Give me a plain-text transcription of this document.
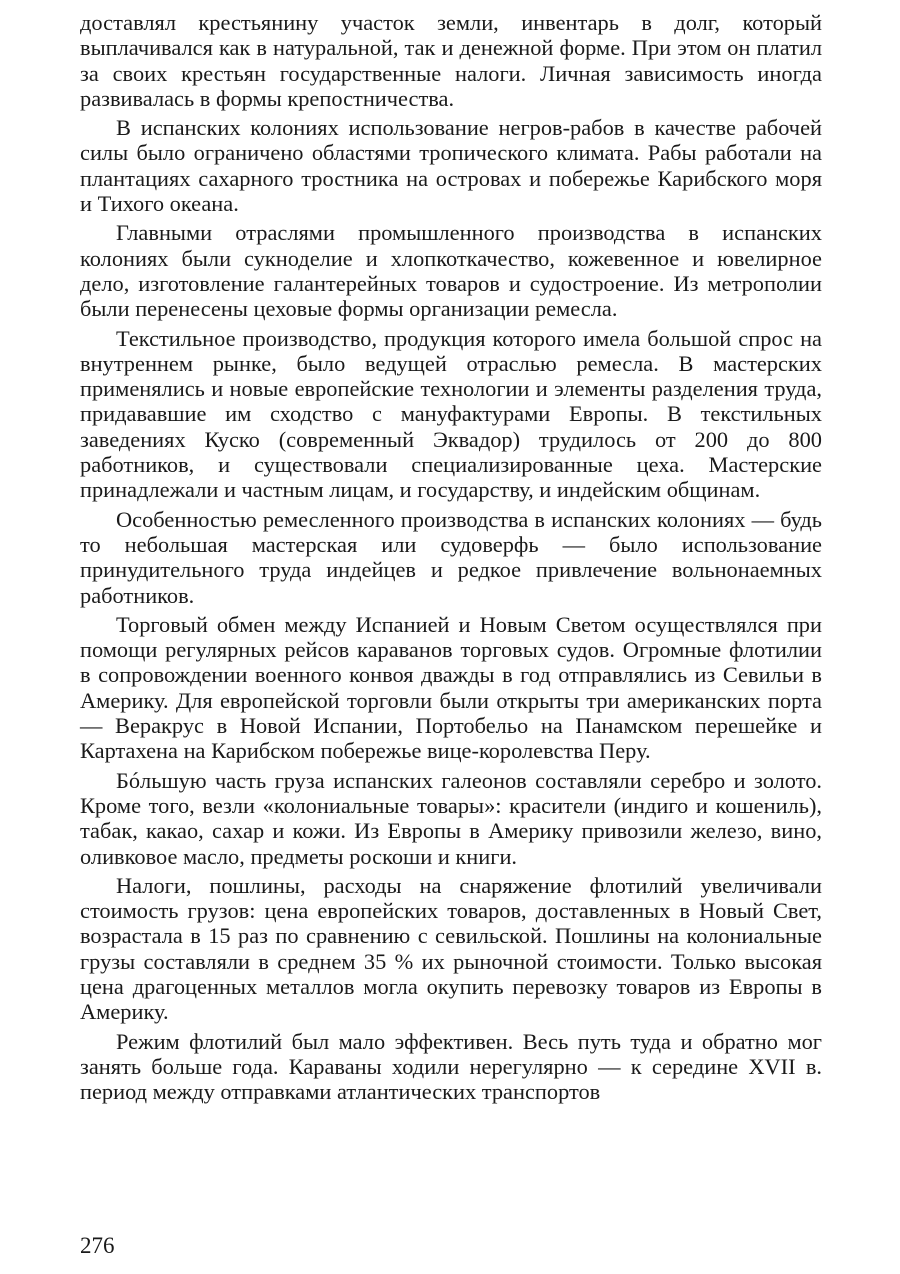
доставлял крестьянину участок земли, инвентарь в долг, который выплачивался как в натуральной, так и денежной форме. При этом он платил за своих крестьян государственные налоги. Личная зависимость иногда развивалась в формы крепостничества.

В испанских колониях использование негров-рабов в качестве рабочей силы было ограничено областями тропического климата. Рабы работали на плантациях сахарного тростника на островах и побережье Карибского моря и Тихого океана.

Главными отраслями промышленного производства в испанских колониях были сукноделие и хлопкоткачество, кожевенное и ювелирное дело, изготовление галантерейных товаров и судостроение. Из метрополии были перенесены цеховые формы организации ремесла.

Текстильное производство, продукция которого имела большой спрос на внутреннем рынке, было ведущей отраслью ремесла. В мастерских применялись и новые европейские технологии и элементы разделения труда, придававшие им сходство с мануфактурами Европы. В текстильных заведениях Куско (современный Эквадор) трудилось от 200 до 800 работников, и существовали специализированные цеха. Мастерские принадлежали и частным лицам, и государству, и индейским общинам.

Особенностью ремесленного производства в испанских колониях — будь то небольшая мастерская или судоверфь — было использование принудительного труда индейцев и редкое привлечение вольнонаемных работников.

Торговый обмен между Испанией и Новым Светом осуществлялся при помощи регулярных рейсов караванов торговых судов. Огромные флотилии в сопровождении военного конвоя дважды в год отправлялись из Севильи в Америку. Для европейской торговли были открыты три американских порта — Веракрус в Новой Испании, Портобельо на Панамском перешейке и Картахена на Карибском побережье вице-королевства Перу.

Бóльшую часть груза испанских галеонов составляли серебро и золото. Кроме того, везли «колониальные товары»: красители (индиго и кошениль), табак, какао, сахар и кожи. Из Европы в Америку привозили железо, вино, оливковое масло, предметы роскоши и книги.

Налоги, пошлины, расходы на снаряжение флотилий увеличивали стоимость грузов: цена европейских товаров, доставленных в Новый Свет, возрастала в 15 раз по сравнению с севильской. Пошлины на колониальные грузы составляли в среднем 35 % их рыночной стоимости. Только высокая цена драгоценных металлов могла окупить перевозку товаров из Европы в Америку.

Режим флотилий был мало эффективен. Весь путь туда и обратно мог занять больше года. Караваны ходили нерегулярно — к середине XVII в. период между отправками атлантических транспортов

276
